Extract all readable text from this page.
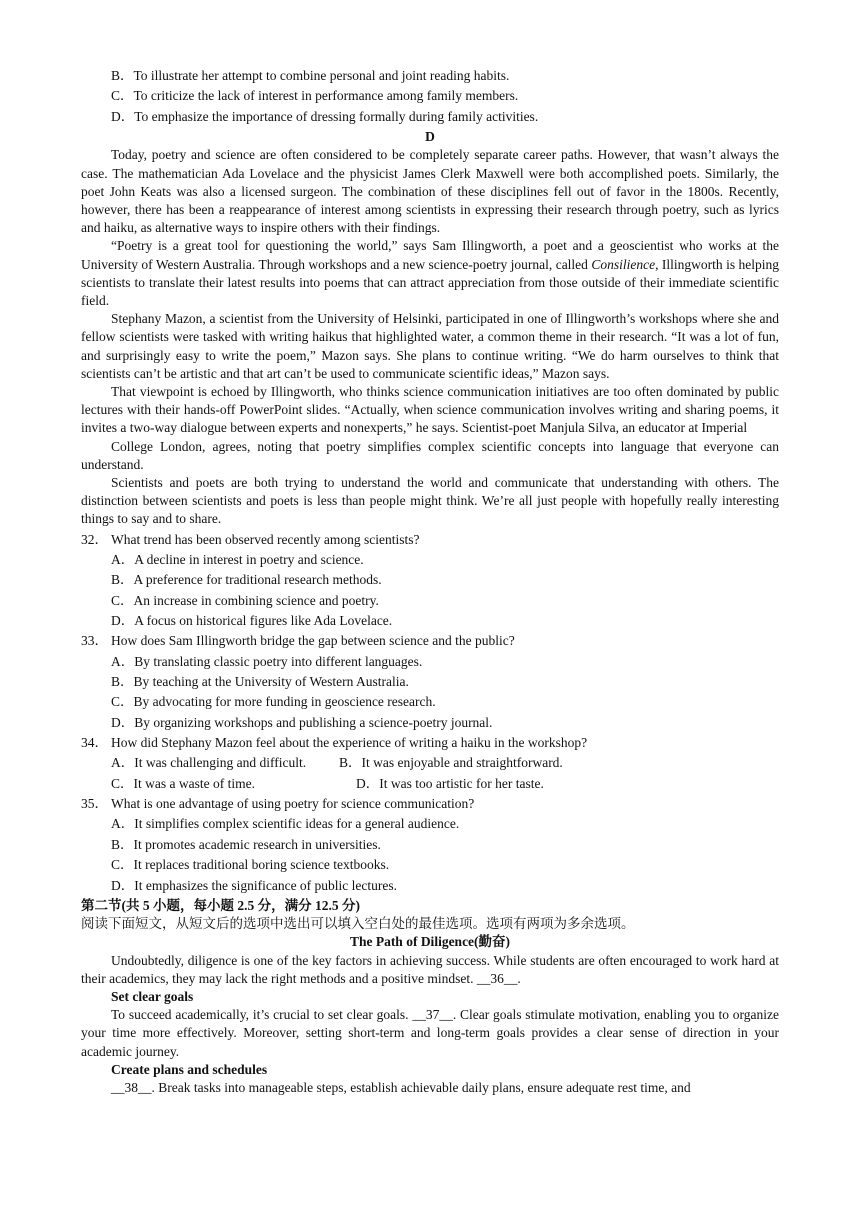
B．To illustrate her attempt to combine personal and joint reading habits.
C．To criticize the lack of interest in performance among family members.
D．To emphasize the importance of dressing formally during family activities.
D

Today, poetry and science are often considered to be completely separate career paths. However, that wasn’t always the case. The mathematician Ada Lovelace and the physicist James Clerk Maxwell were both accomplished poets. Similarly, the poet John Keats was also a licensed surgeon. The combination of these disciplines fell out of favor in the 1800s. Recently, however, there has been a reappearance of interest among scientists in expressing their research through poetry, such as lyrics and haiku, as alternative ways to inspire others with their findings.

“Poetry is a great tool for questioning the world,” says Sam Illingworth, a poet and a geoscientist who works at the University of Western Australia. Through workshops and a new science-poetry journal, called Consilience, Illingworth is helping scientists to translate their latest results into poems that can attract appreciation from those outside of their immediate scientific field.

Stephany Mazon, a scientist from the University of Helsinki, participated in one of Illingworth’s workshops where she and fellow scientists were tasked with writing haikus that highlighted water, a common theme in their research. “It was a lot of fun, and surprisingly easy to write the poem,” Mazon says. She plans to continue writing. “We do harm ourselves to think that scientists can’t be artistic and that art can’t be used to communicate scientific ideas,” Mazon says.

That viewpoint is echoed by Illingworth, who thinks science communication initiatives are too often dominated by public lectures with their hands-off PowerPoint slides. “Actually, when science communication involves writing and sharing poems, it invites a two-way dialogue between experts and nonexperts,” he says. Scientist-poet Manjula Silva, an educator at Imperial

College London, agrees, noting that poetry simplifies complex scientific concepts into language that everyone can understand.

Scientists and poets are both trying to understand the world and communicate that understanding with others. The distinction between scientists and poets is less than people might think. We’re all just people with hopefully really interesting things to say and to share.

32． What trend has been observed recently among scientists?
A．A decline in interest in poetry and science.
B．A preference for traditional research methods.
C．An increase in combining science and poetry.
D．A focus on historical figures like Ada Lovelace.
33． How does Sam Illingworth bridge the gap between science and the public?
A．By translating classic poetry into different languages.
B．By teaching at the University of Western Australia.
C．By advocating for more funding in geoscience research.
D．By organizing workshops and publishing a science-poetry journal.
34． How did Stephany Mazon feel about the experience of writing a haiku in the workshop?
A．It was challenging and difficult. B．It was enjoyable and straightforward.
C．It was a waste of time.	D．It was too artistic for her taste.
35． What is one advantage of using poetry for science communication?
A．It simplifies complex scientific ideas for a general audience.
B．It promotes academic research in universities.
C．It replaces traditional boring science textbooks.
D．It emphasizes the significance of public lectures.

第二节(共 5 小题，每小题 2.5 分，满分 12.5 分)

阅读下面短文，从短文后的选项中选出可以填入空白处的最佳选项。选项有两项为多余选项。

The Path of Diligence(勤奋)

Undoubtedly, diligence is one of the key factors in achieving success. While students are often encouraged to work hard at their academics, they may lack the right methods and a positive mindset. __36__.

Set clear goals

To succeed academically, it’s crucial to set clear goals. __37__. Clear goals stimulate motivation, enabling you to organize your time more effectively. Moreover, setting short-term and long-term goals provides a clear sense of direction in your academic journey.

Create plans and schedules

__38__. Break tasks into manageable steps, establish achievable daily plans, ensure adequate rest time, and
